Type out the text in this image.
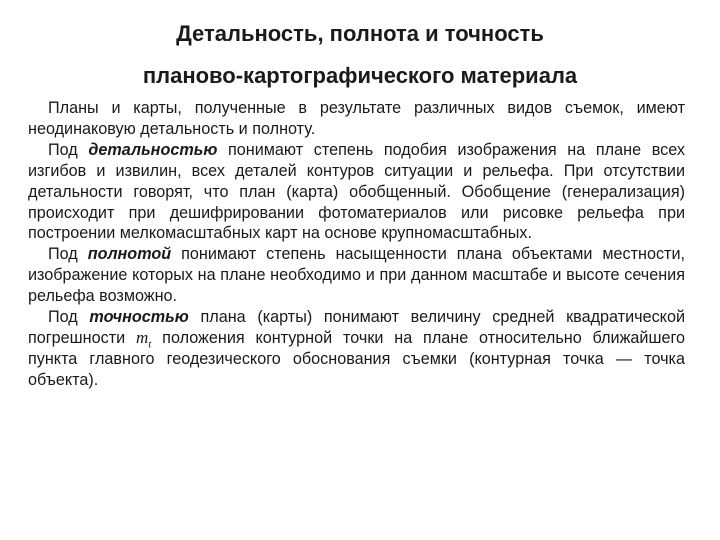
Детальность, полнота и точность
планово-картографического материала

Планы и карты, полученные в результате различных видов съемок, имеют неодинаковую детальность и полноту.

Под детальностью понимают степень подобия изображения на плане всех изгибов и извилин, всех деталей контуров ситуации и рельефа. При отсутствии детальности говорят, что план (карта) обобщенный. Обобщение (генерализация) происходит при дешифрировании фотоматериалов или рисовке рельефа при построении мелкомасштабных карт на основе крупномасштабных.

Под полнотой понимают степень насыщенности плана объектами местности, изображение которых на плане необходимо и при данном масштабе и высоте сечения рельефа возможно.

Под точностью плана (карты) понимают величину средней квадратической погрешности $m_t$ положения контурной точки на плане относительно ближайшего пункта главного геодезического обоснования съемки (контурная точка — точка объекта).
